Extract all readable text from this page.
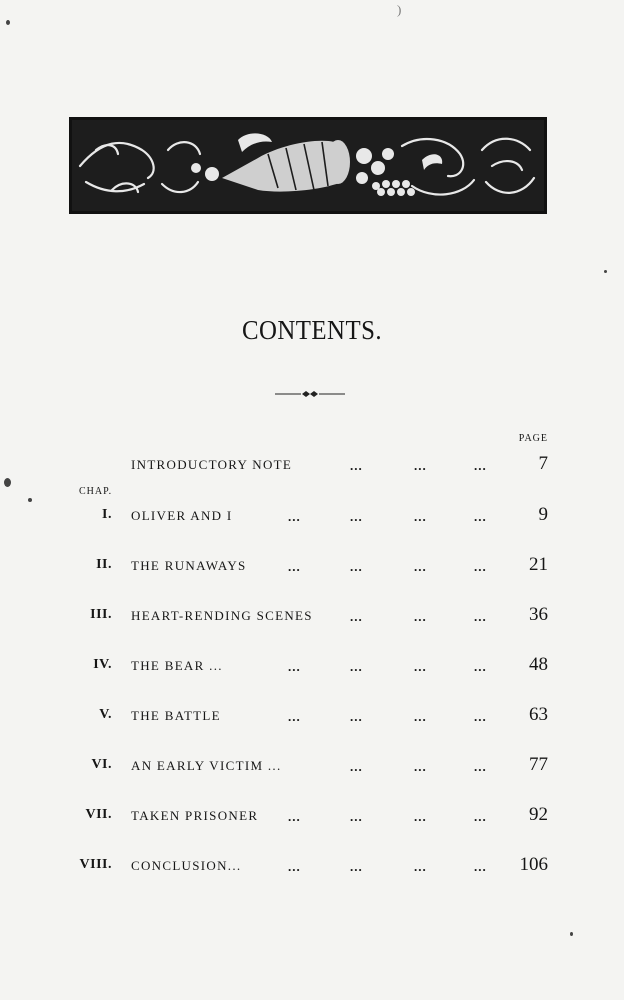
)
CONTENTS.
PAGE
CHAP.
INTRODUCTORY NOTE	...	...	...	7
I. OLIVER AND I	...	...	...	...	9
II. THE RUNAWAYS	...	...	...	... 21
III. HEART-RENDING SCENES	...	...	... 36
IV. THE BEAR ...	...	...	...	... 48
V. THE BATTLE	...	...	...	... 63
VI. AN EARLY VICTIM ...	...	...	... 77
VII. TAKEN PRISONER ...	...	...	... 92
VIII. CONCLUSION...	...	...	...	... 106
